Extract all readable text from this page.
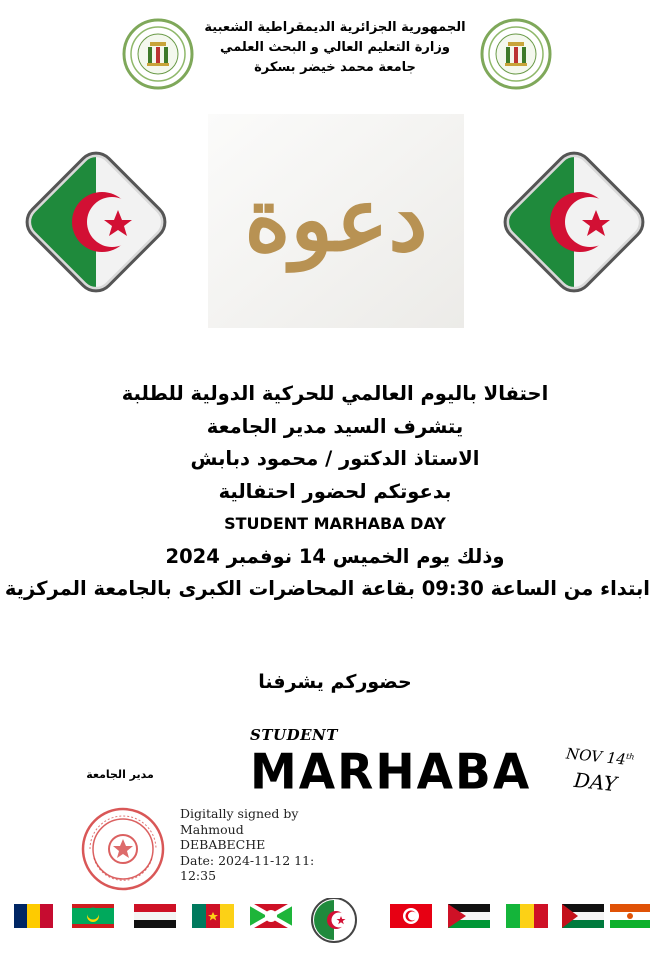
الجمهورية الجزائرية الديمقراطية الشعبية
وزارة التعليم العالي و البحث العلمي
جامعة محمد خيضر بسكرة
دعوة
احتفالا باليوم العالمي للحركية الدولية للطلبة
يتشرف السيد مدير الجامعة
الاستاذ الدكتور / محمود دبابش
بدعوتكم لحضور احتفالية
STUDENT MARHABA DAY
وذلك يوم الخميس 14 نوفمبر 2024
ابتداء من الساعة 09:30 بقاعة المحاضرات الكبرى بالجامعة المركزية
حضوركم يشرفنا
STUDENT
MARHABA NOV 14th
DAY
مدير الجامعة
Digitally signed by
Mahmoud
DEBABECHE
Date: 2024-11-12 11:
12:35
